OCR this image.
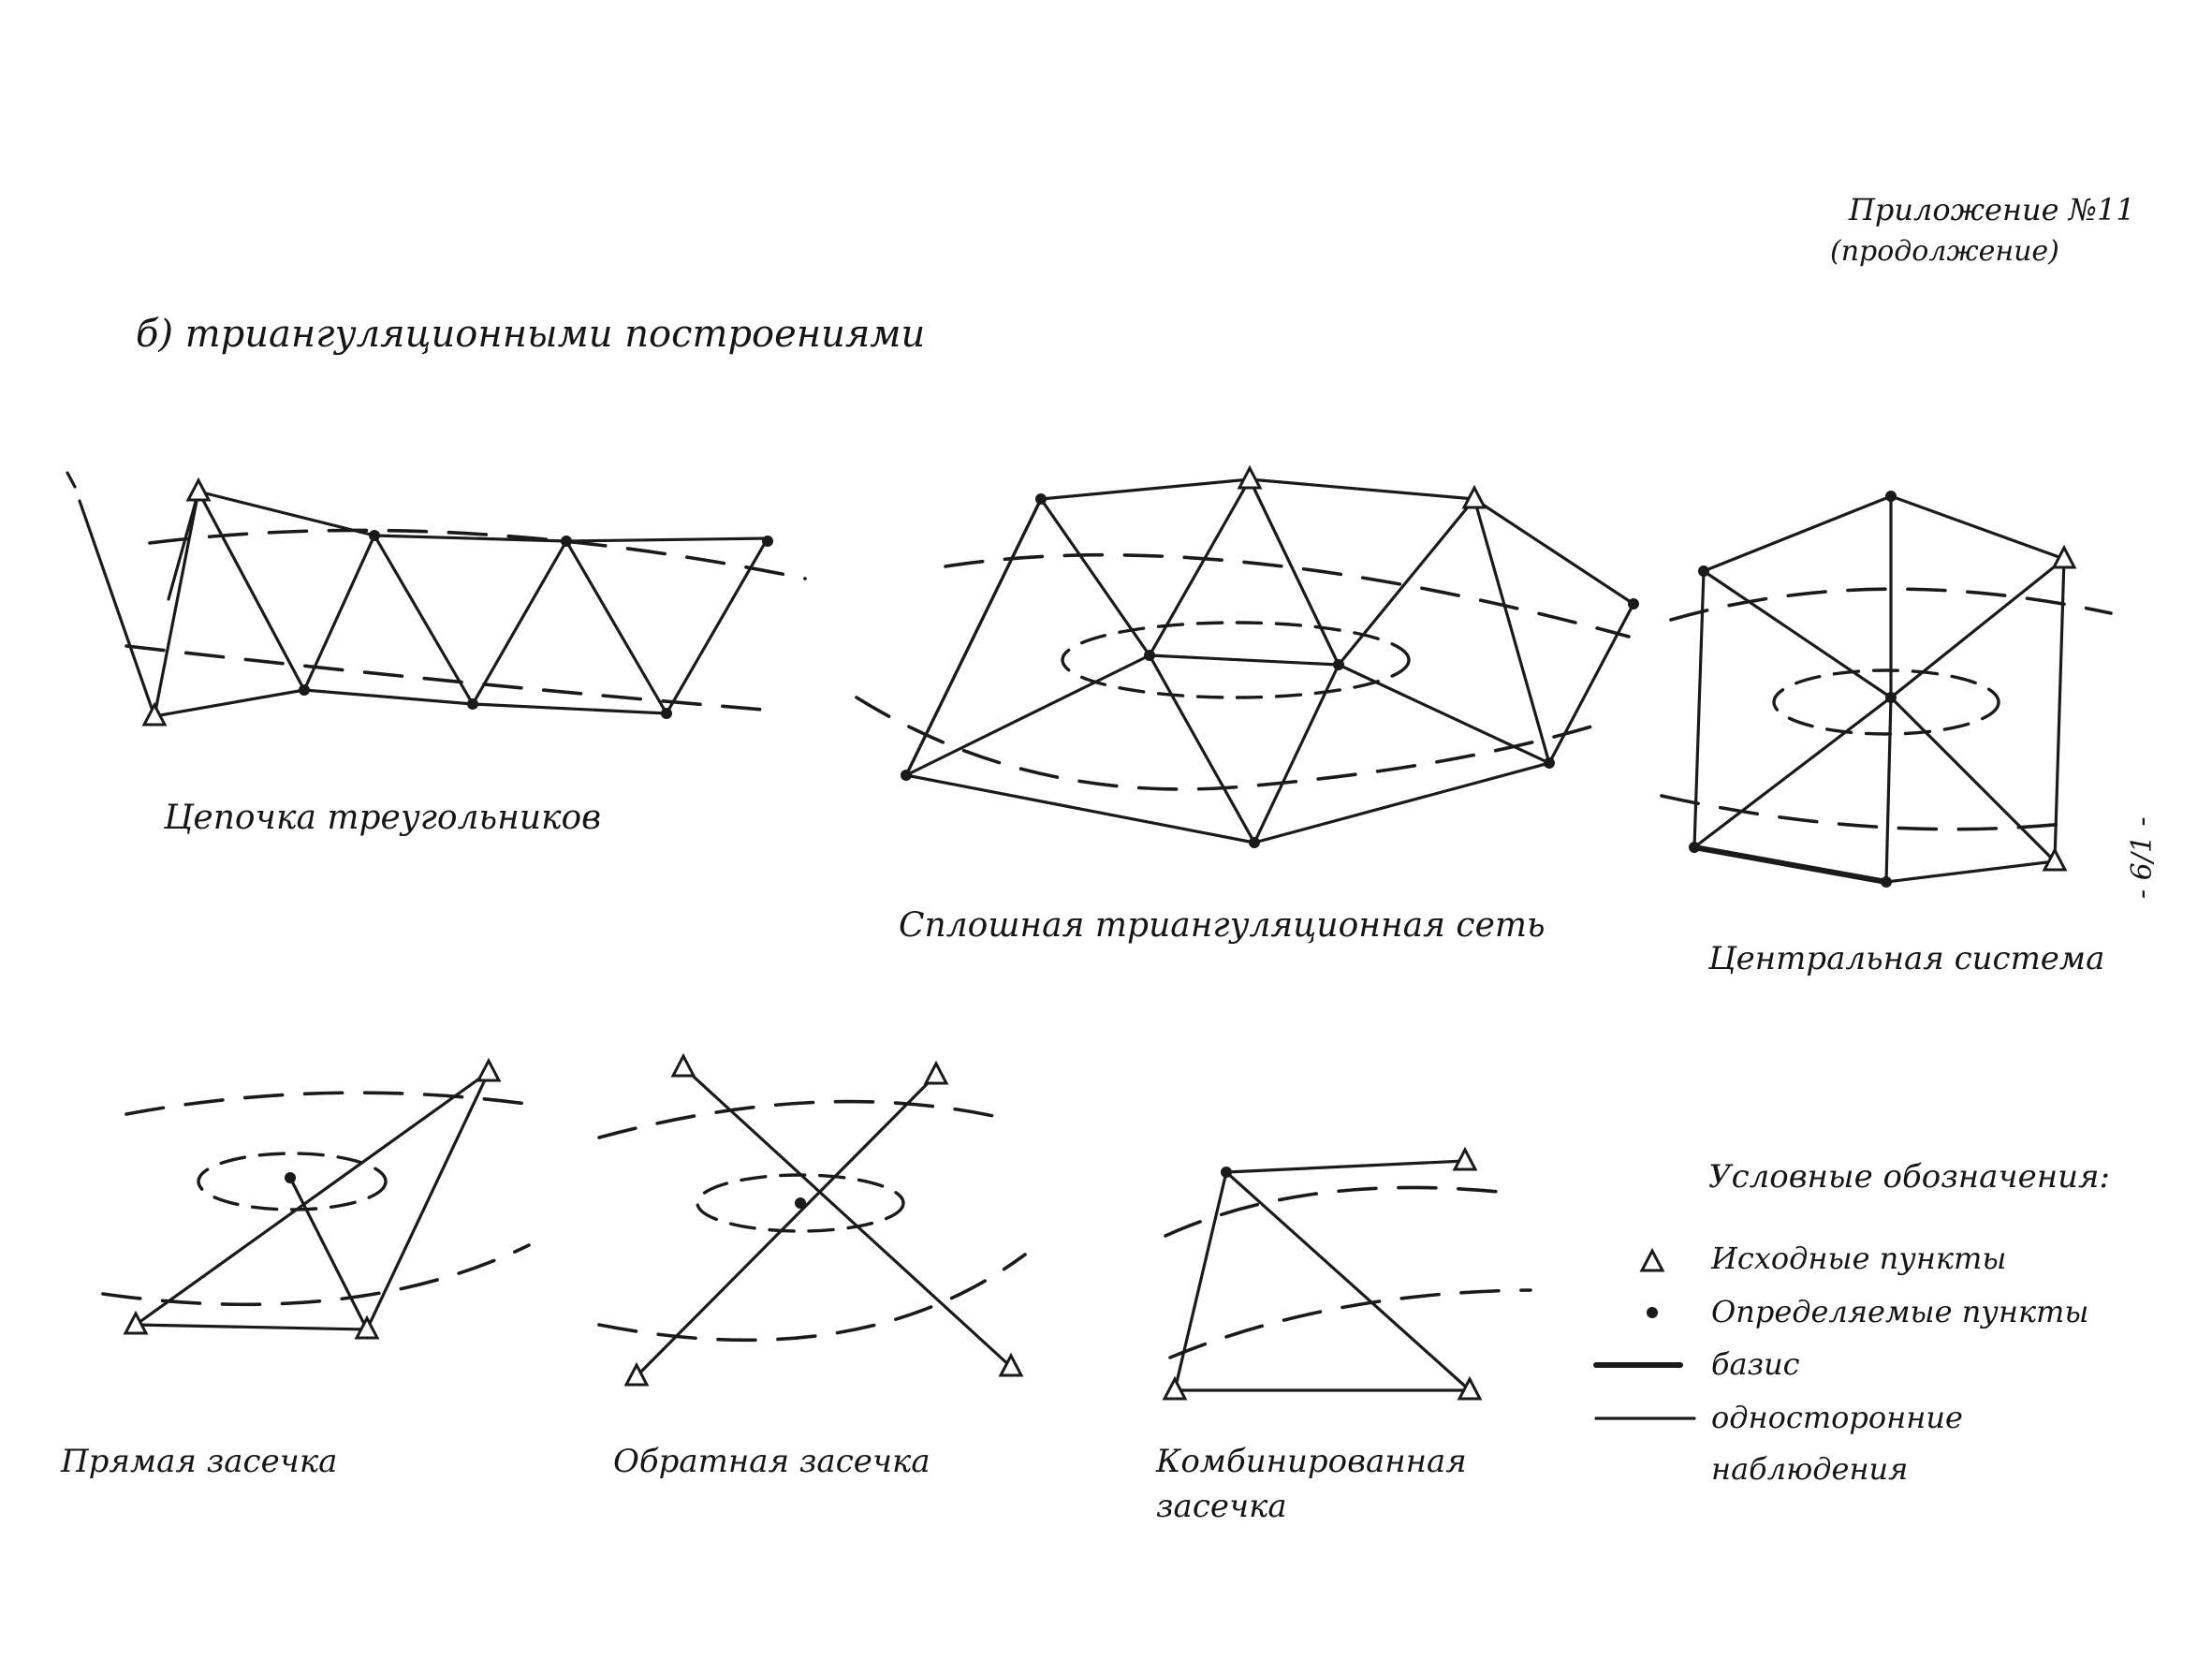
Приложение №11
(продолжение)
- 6/1 -
б) триангуляционными построениями
Цепочка треугольников
Сплошная триангуляционная сеть
Центральная система
Прямая засечка	Обратная засечка	Комбинированная
засечка
Условные обозначения:
Исходные пункты
Определяемые пункты
базис
односторонние
наблюдения
